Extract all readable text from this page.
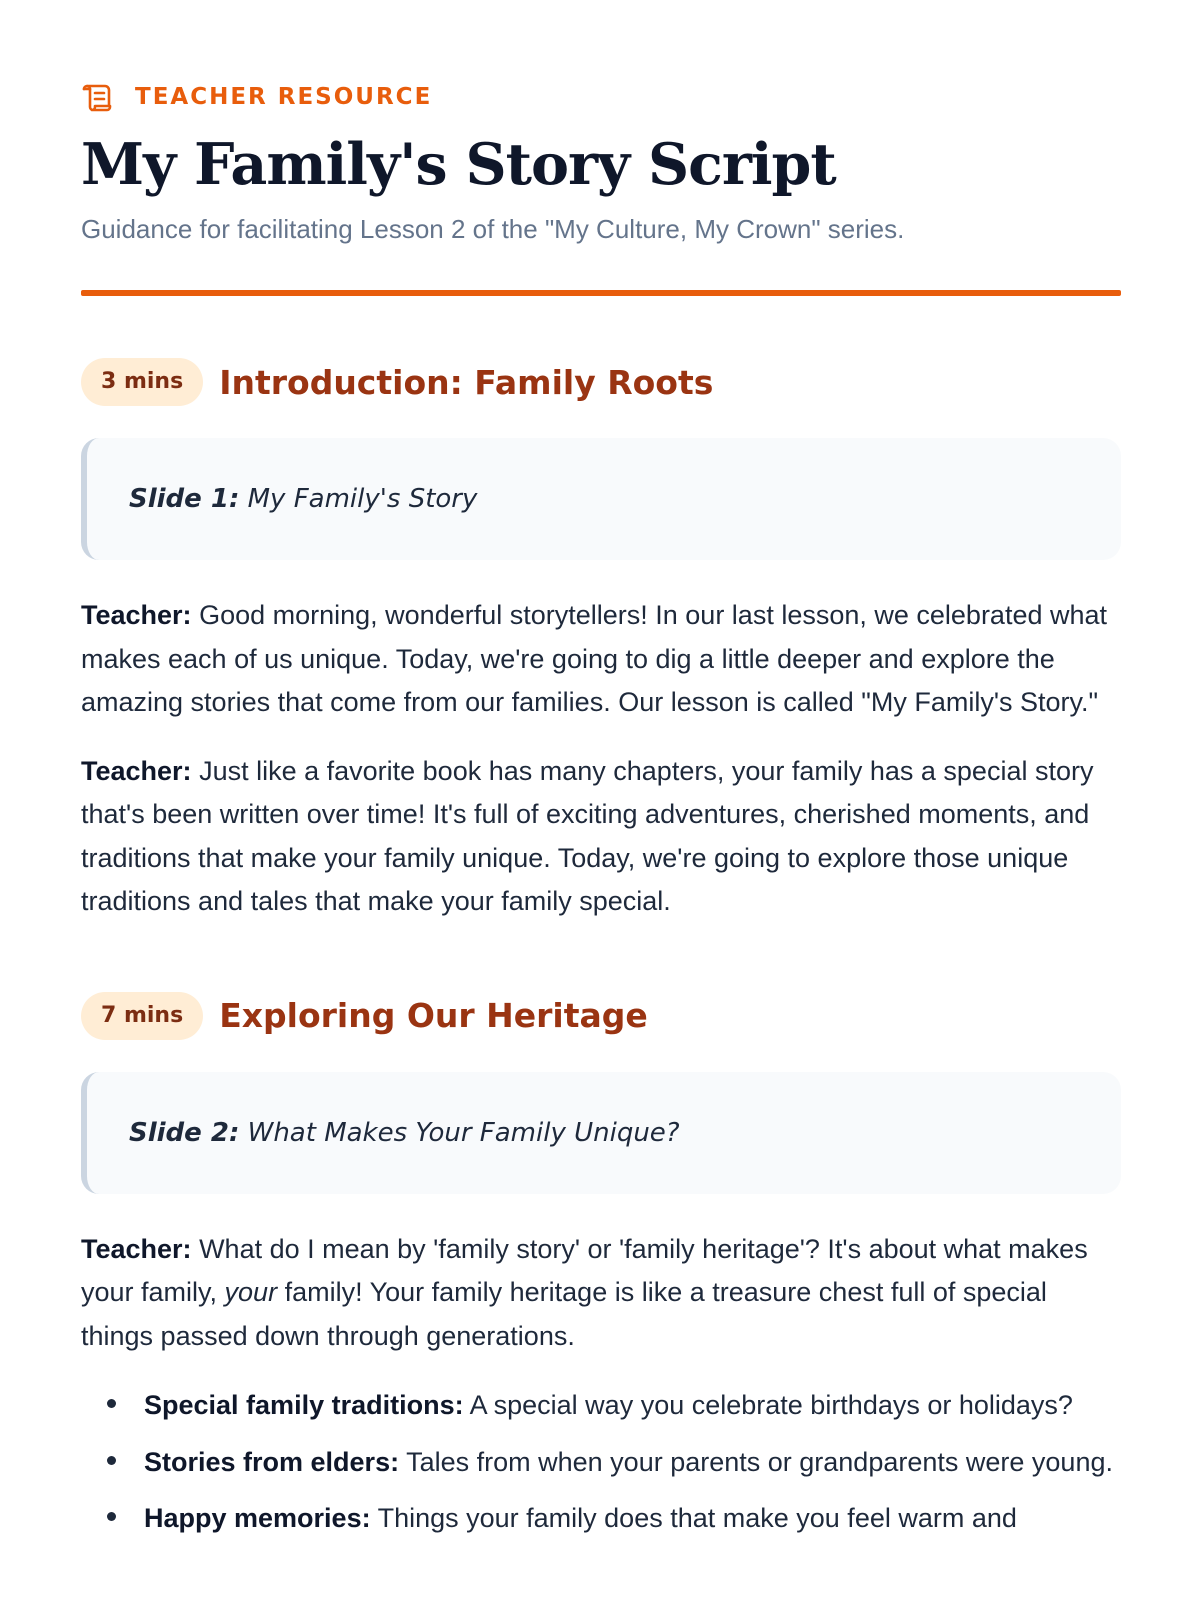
TEACHER RESOURCE
My Family's Story Script

Guidance for facilitating Lesson 2 of the "My Culture, My Crown" series.

3 mins	Introduction: Family Roots
Slide 1:
My Family's Story

Teacher: Good morning, wonderful storytellers! In our last lesson, we celebrated what makes each of us unique. Today, we're going to dig a little deeper and explore the amazing stories that come from our families. Our lesson is called "My Family's Story."

Teacher: Just like a favorite book has many chapters, your family has a special story that's been written over time! It's full of exciting adventures, cherished moments, and traditions that make your family unique. Today, we're going to explore those unique traditions and tales that make your family special.

7 mins	Exploring Our Heritage
Slide 2:
What Makes Your Family Unique?

Teacher: What do I mean by 'family story' or 'family heritage'? It's about what makes your family, your family! Your family heritage is like a treasure chest full of special things passed down through generations.

Special family traditions: A special way you celebrate birthdays or holidays?
Stories from elders: Tales from when your parents or grandparents were young.
Happy memories: Things your family does that make you feel warm and
